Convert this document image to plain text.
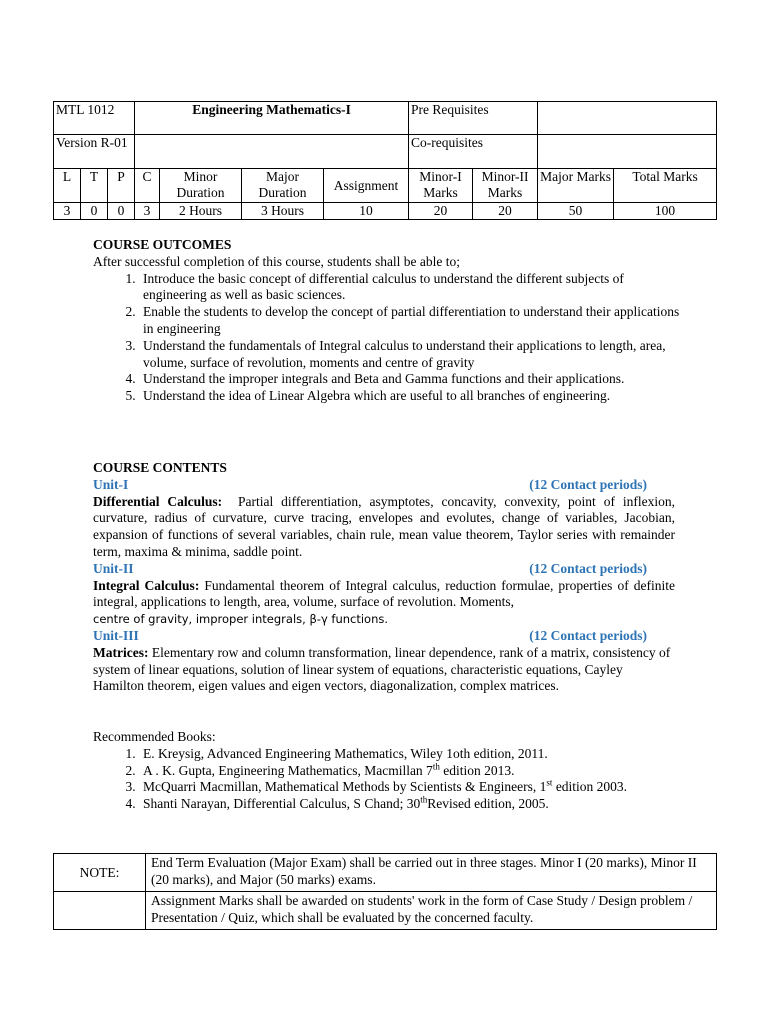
MTL 1012			Engineering Mathematics-I				Pre Requisites			
Version R-01							Co-requisites			
L	T	P	C	Minor Duration	Major Duration	Assignment	Minor-I Marks	Minor-II Marks	Major Marks	Total Marks
3	0	0	3	2 Hours	3 Hours	10	20	20	50	100
COURSE OUTCOMES
After successful completion of this course, students shall be able to;
1. Introduce the basic concept of differential calculus to understand the different subjects of engineering as well as basic sciences.
2. Enable the students to develop the concept of partial differentiation to understand their applications in engineering
3. Understand the fundamentals of Integral calculus to understand their applications to length, area, volume, surface of revolution, moments and centre of gravity
4. Understand the improper integrals and Beta and Gamma functions and their applications.
5. Understand the idea of Linear Algebra which are useful to all branches of engineering.
COURSE CONTENTS
Unit-I	(12 Contact periods)
Differential Calculus: Partial differentiation, asymptotes, concavity, convexity, point of inflexion, curvature, radius of curvature, curve tracing, envelopes and evolutes, change of variables, Jacobian, expansion of functions of several variables, chain rule, mean value theorem, Taylor series with remainder term, maxima & minima, saddle point.
Unit-II	(12 Contact periods)
Integral Calculus: Fundamental theorem of Integral calculus, reduction formulae, properties of definite integral, applications to length, area, volume, surface of revolution. Moments,
centre of gravity, improper integrals, β-γ functions.
Unit-III	(12 Contact periods)
Matrices: Elementary row and column transformation, linear dependence, rank of a matrix, consistency of system of linear equations, solution of linear system of equations, characteristic equations, Cayley Hamilton theorem, eigen values and eigen vectors, diagonalization, complex matrices.
Recommended Books:
1. E. Kreysig, Advanced Engineering Mathematics, Wiley 1oth edition, 2011.
2. A . K. Gupta, Engineering Mathematics, Macmillan 7th edition 2013.
3. McQuarri Macmillan, Mathematical Methods by Scientists & Engineers, 1st edition 2003.
4. Shanti Narayan, Differential Calculus, S Chand; 30thRevised edition, 2005.
NOTE:	End Term Evaluation (Major Exam) shall be carried out in three stages. Minor I (20 marks), Minor II (20 marks), and Major (50 marks) exams.
	Assignment Marks shall be awarded on students' work in the form of Case Study / Design problem / Presentation / Quiz, which shall be evaluated by the concerned faculty.
